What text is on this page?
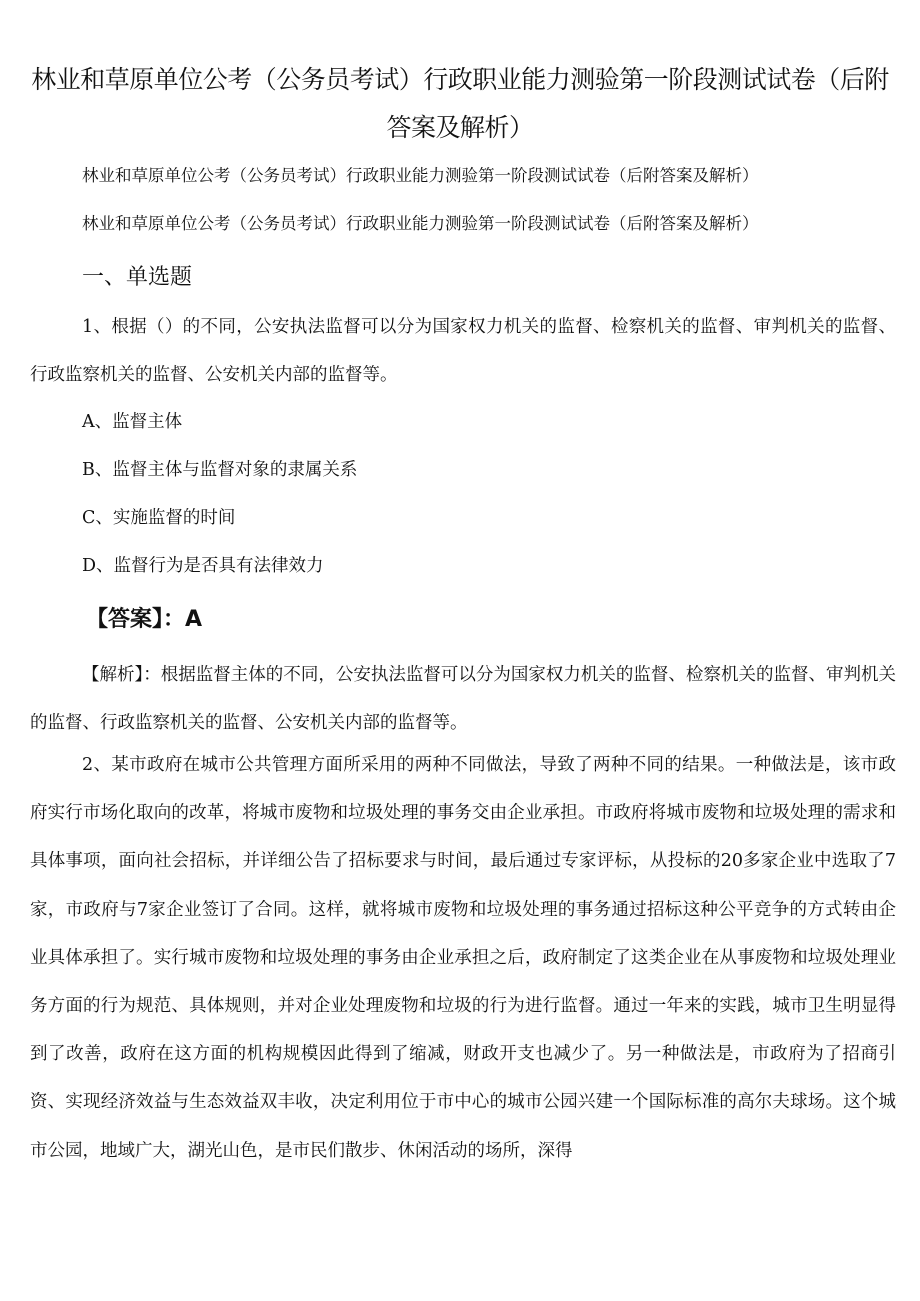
林业和草原单位公考（公务员考试）行政职业能力测验第一阶段测试试卷（后附答案及解析）
林业和草原单位公考（公务员考试）行政职业能力测验第一阶段测试试卷（后附答案及解析）
林业和草原单位公考（公务员考试）行政职业能力测验第一阶段测试试卷（后附答案及解析）
一、单选题
1、根据（）的不同，公安执法监督可以分为国家权力机关的监督、检察机关的监督、审判机关的监督、行政监察机关的监督、公安机关内部的监督等。
A、监督主体
B、监督主体与监督对象的隶属关系
C、实施监督的时间
D、监督行为是否具有法律效力
【答案】：A
【解析】：根据监督主体的不同，公安执法监督可以分为国家权力机关的监督、检察机关的监督、审判机关的监督、行政监察机关的监督、公安机关内部的监督等。
2、某市政府在城市公共管理方面所采用的两种不同做法，导致了两种不同的结果。一种做法是，该市政府实行市场化取向的改革，将城市废物和垃圾处理的事务交由企业承担。市政府将城市废物和垃圾处理的需求和具体事项，面向社会招标，并详细公告了招标要求与时间，最后通过专家评标，从投标的20多家企业中选取了7家，市政府与7家企业签订了合同。这样，就将城市废物和垃圾处理的事务通过招标这种公平竞争的方式转由企业具体承担了。实行城市废物和垃圾处理的事务由企业承担之后，政府制定了这类企业在从事废物和垃圾处理业务方面的行为规范、具体规则，并对企业处理废物和垃圾的行为进行监督。通过一年来的实践，城市卫生明显得到了改善，政府在这方面的机构规模因此得到了缩减，财政开支也减少了。另一种做法是，市政府为了招商引资、实现经济效益与生态效益双丰收，决定利用位于市中心的城市公园兴建一个国际标准的高尔夫球场。这个城市公园，地域广大，湖光山色，是市民们散步、休闲活动的场所，深得
